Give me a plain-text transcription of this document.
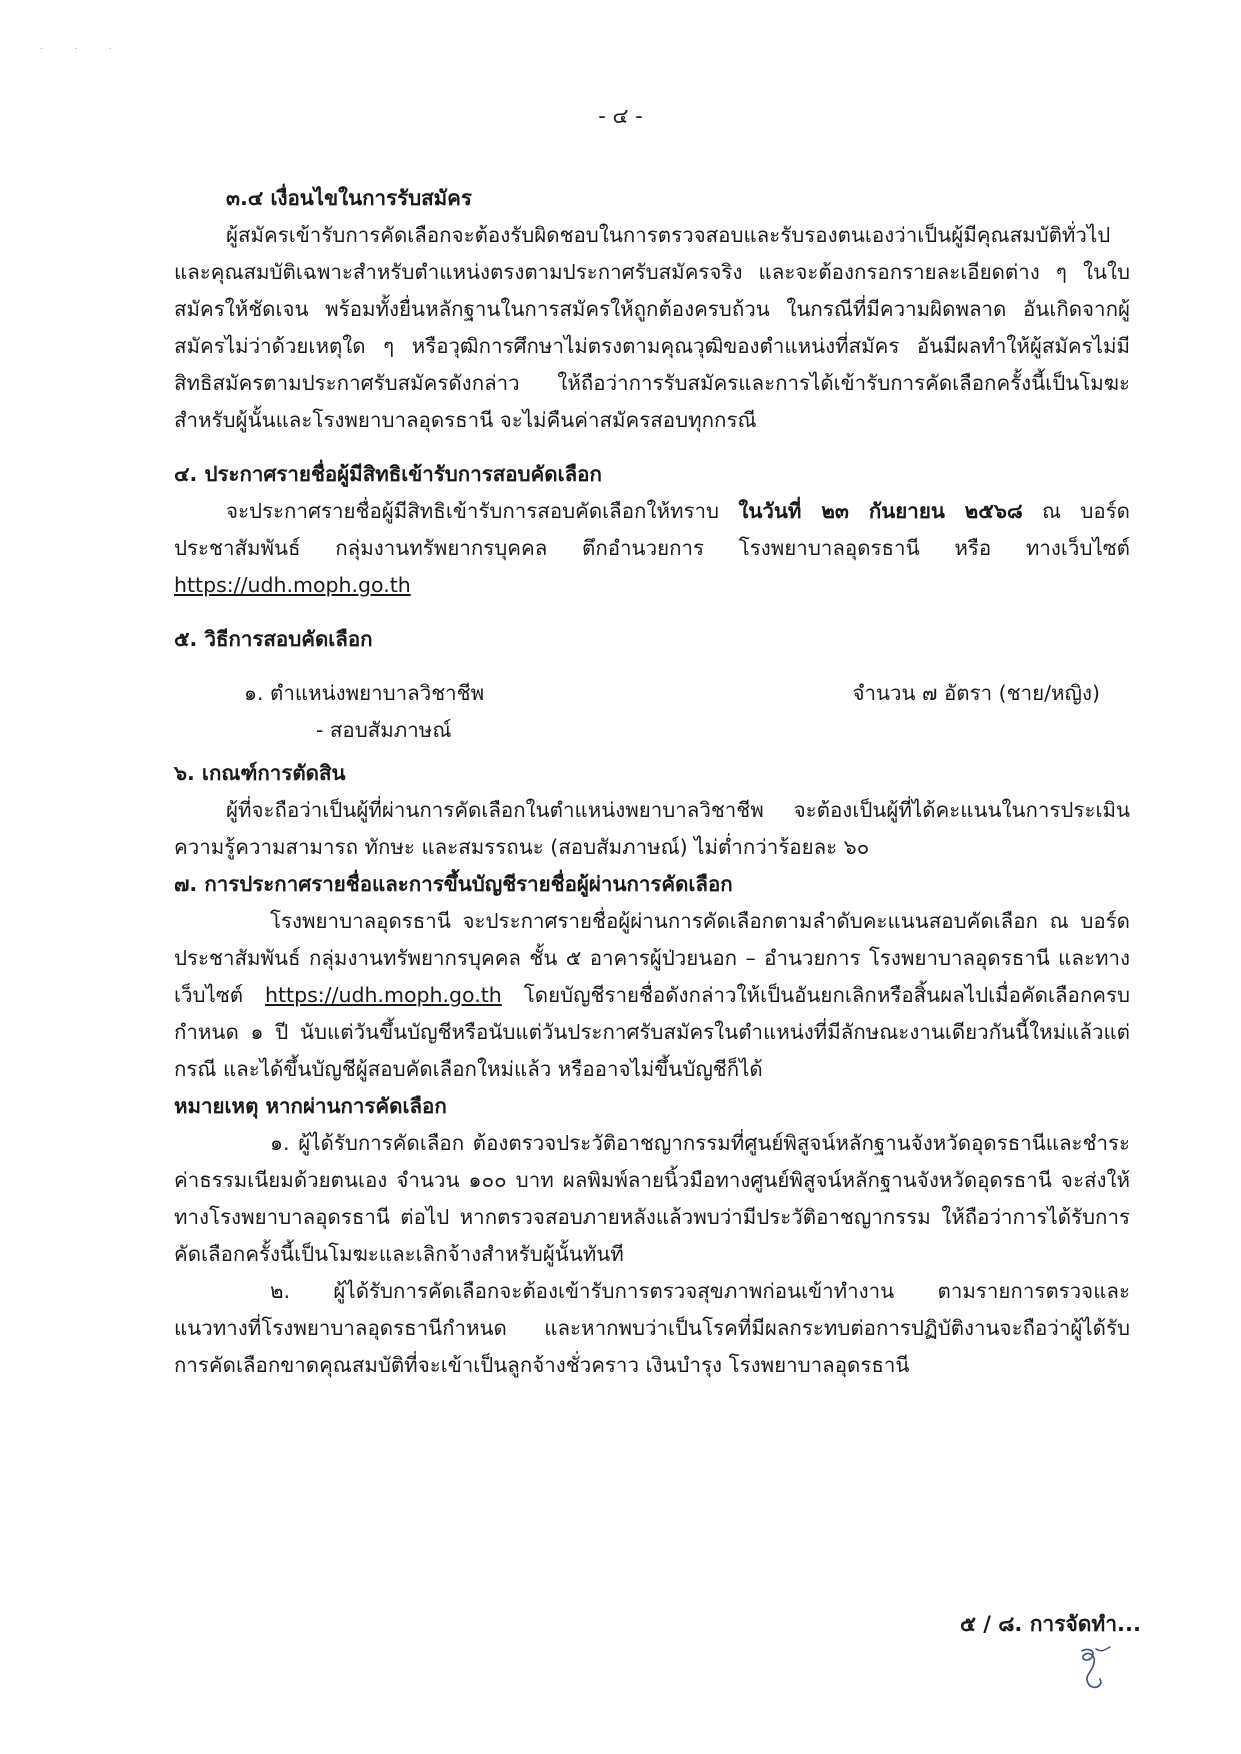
· · ·
- ๔ -

๓.๔ เงื่อนไขในการรับสมัคร

ผู้สมัครเข้ารับการคัดเลือกจะต้องรับผิดชอบในการตรวจสอบและรับรองตนเองว่าเป็นผู้มีคุณสมบัติทั่วไปและคุณสมบัติเฉพาะสำหรับตำแหน่งตรงตามประกาศรับสมัครจริง และจะต้องกรอกรายละเอียดต่าง ๆ ในใบสมัครให้ชัดเจน พร้อมทั้งยื่นหลักฐานในการสมัครให้ถูกต้องครบถ้วน ในกรณีที่มีความผิดพลาด อันเกิดจากผู้สมัครไม่ว่าด้วยเหตุใด ๆ หรือวุฒิการศึกษาไม่ตรงตามคุณวุฒิของตำแหน่งที่สมัคร อันมีผลทำให้ผู้สมัครไม่มีสิทธิสมัครตามประกาศรับสมัครดังกล่าว ให้ถือว่าการรับสมัครและการได้เข้ารับการคัดเลือกครั้งนี้เป็นโมฆะสำหรับผู้นั้นและโรงพยาบาลอุดรธานี จะไม่คืนค่าสมัครสอบทุกกรณี

๔. ประกาศรายชื่อผู้มีสิทธิเข้ารับการสอบคัดเลือก

จะประกาศรายชื่อผู้มีสิทธิเข้ารับการสอบคัดเลือกให้ทราบ ในวันที่ ๒๓ กันยายน ๒๕๖๘ ณ บอร์ดประชาสัมพันธ์ กลุ่มงานทรัพยากรบุคคล ตึกอำนวยการ โรงพยาบาลอุดรธานี หรือ ทางเว็บไซต์ https://udh.moph.go.th

๕. วิธีการสอบคัดเลือก

๑. ตำแหน่งพยาบาลวิชาชีพ	จำนวน ๗ อัตรา (ชาย/หญิง)
- สอบสัมภาษณ์

๖. เกณฑ์การตัดสิน

ผู้ที่จะถือว่าเป็นผู้ที่ผ่านการคัดเลือกในตำแหน่งพยาบาลวิชาชีพ จะต้องเป็นผู้ที่ได้คะแนนในการประเมินความรู้ความสามารถ ทักษะ และสมรรถนะ (สอบสัมภาษณ์) ไม่ต่ำกว่าร้อยละ ๖๐

๗. การประกาศรายชื่อและการขึ้นบัญชีรายชื่อผู้ผ่านการคัดเลือก

โรงพยาบาลอุดรธานี จะประกาศรายชื่อผู้ผ่านการคัดเลือกตามลำดับคะแนนสอบคัดเลือก ณ บอร์ดประชาสัมพันธ์ กลุ่มงานทรัพยากรบุคคล ชั้น ๕ อาคารผู้ป่วยนอก – อำนวยการ โรงพยาบาลอุดรธานี และทางเว็บไซต์ https://udh.moph.go.th โดยบัญชีรายชื่อดังกล่าวให้เป็นอันยกเลิกหรือสิ้นผลไปเมื่อคัดเลือกครบกำหนด ๑ ปี นับแต่วันขึ้นบัญชีหรือนับแต่วันประกาศรับสมัครในตำแหน่งที่มีลักษณะงานเดียวกันนี้ใหม่แล้วแต่กรณี และได้ขึ้นบัญชีผู้สอบคัดเลือกใหม่แล้ว หรืออาจไม่ขึ้นบัญชีก็ได้

หมายเหตุ หากผ่านการคัดเลือก

๑. ผู้ได้รับการคัดเลือก ต้องตรวจประวัติอาชญากรรมที่ศูนย์พิสูจน์หลักฐานจังหวัดอุดรธานีและชำระค่าธรรมเนียมด้วยตนเอง จำนวน ๑๐๐ บาท ผลพิมพ์ลายนิ้วมือทางศูนย์พิสูจน์หลักฐานจังหวัดอุดรธานี จะส่งให้ทางโรงพยาบาลอุดรธานี ต่อไป หากตรวจสอบภายหลังแล้วพบว่ามีประวัติอาชญากรรม ให้ถือว่าการได้รับการคัดเลือกครั้งนี้เป็นโมฆะและเลิกจ้างสำหรับผู้นั้นทันที

๒. ผู้ได้รับการคัดเลือกจะต้องเข้ารับการตรวจสุขภาพก่อนเข้าทำงาน ตามรายการตรวจและแนวทางที่โรงพยาบาลอุดรธานีกำหนด และหากพบว่าเป็นโรคที่มีผลกระทบต่อการปฏิบัติงานจะถือว่าผู้ได้รับการคัดเลือกขาดคุณสมบัติที่จะเข้าเป็นลูกจ้างชั่วคราว เงินบำรุง โรงพยาบาลอุดรธานี

๕ / ๘. การจัดทำ...
